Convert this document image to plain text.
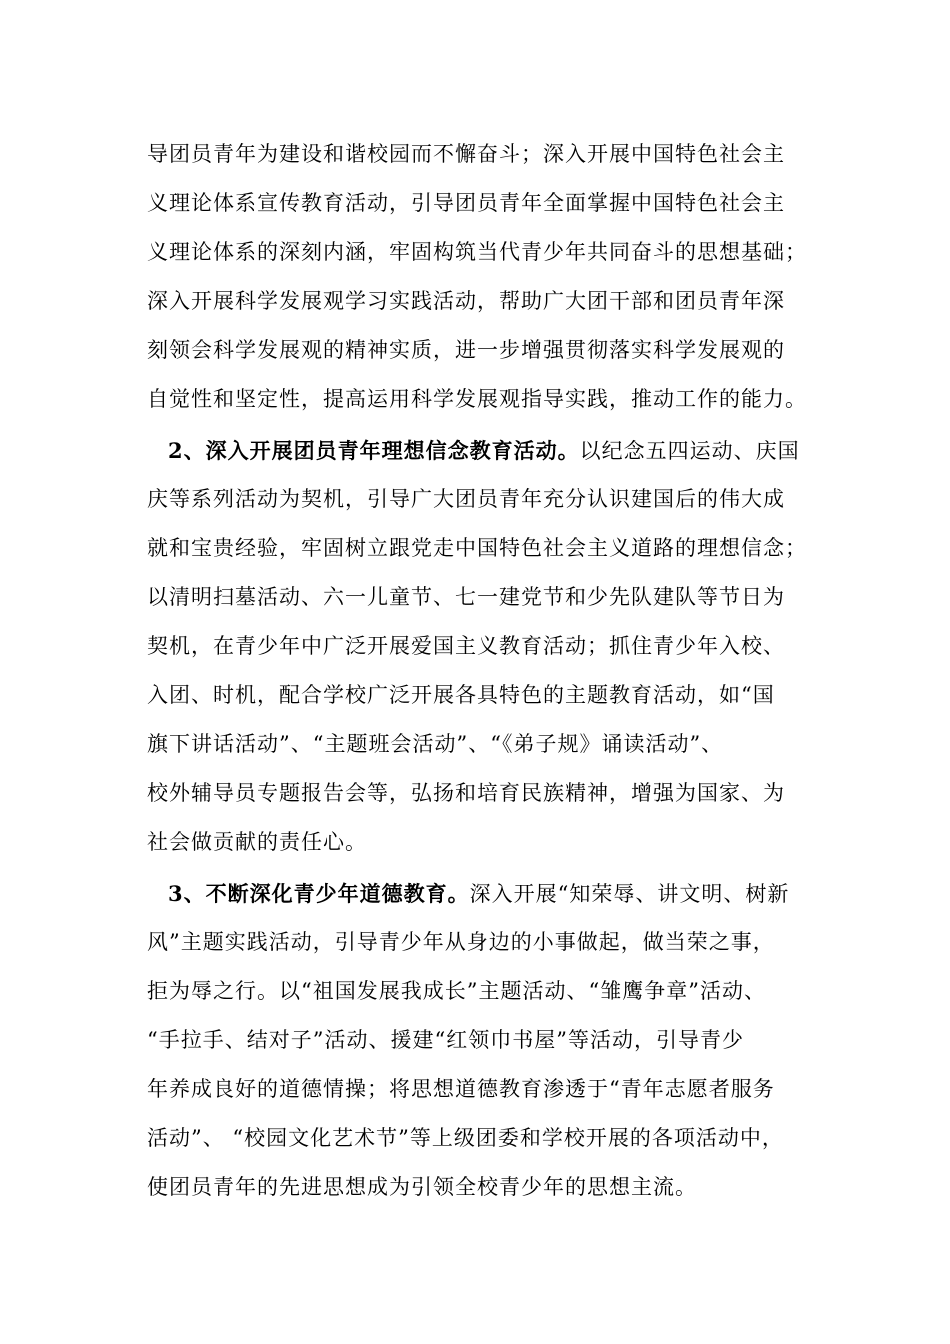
导团员青年为建设和谐校园而不懈奋斗；深入开展中国特色社会主
义理论体系宣传教育活动，引导团员青年全面掌握中国特色社会主
义理论体系的深刻内涵，牢固构筑当代青少年共同奋斗的思想基础；
深入开展科学发展观学习实践活动，帮助广大团干部和团员青年深
刻领会科学发展观的精神实质，进一步增强贯彻落实科学发展观的
自觉性和坚定性，提高运用科学发展观指导实践，推动工作的能力。
2、深入开展团员青年理想信念教育活动。以纪念五四运动、庆国
庆等系列活动为契机，引导广大团员青年充分认识建国后的伟大成
就和宝贵经验，牢固树立跟党走中国特色社会主义道路的理想信念；
以清明扫墓活动、六一儿童节、七一建党节和少先队建队等节日为
契机，在青少年中广泛开展爱国主义教育活动；抓住青少年入校、
入团、时机，配合学校广泛开展各具特色的主题教育活动，如“国
旗下讲话活动”、“主题班会活动”、“《弟子规》诵读活动”、
校外辅导员专题报告会等，弘扬和培育民族精神，增强为国家、为
社会做贡献的责任心。
3、不断深化青少年道德教育。深入开展“知荣辱、讲文明、树新
风”主题实践活动，引导青少年从身边的小事做起，做当荣之事，
拒为辱之行。以“祖国发展我成长”主题活动、“雏鹰争章”活动、
“手拉手、结对子”活动、援建“红领巾书屋”等活动，引导青少
年养成良好的道德情操；将思想道德教育渗透于“青年志愿者服务
活动”、 “校园文化艺术节”等上级团委和学校开展的各项活动中，
使团员青年的先进思想成为引领全校青少年的思想主流。
